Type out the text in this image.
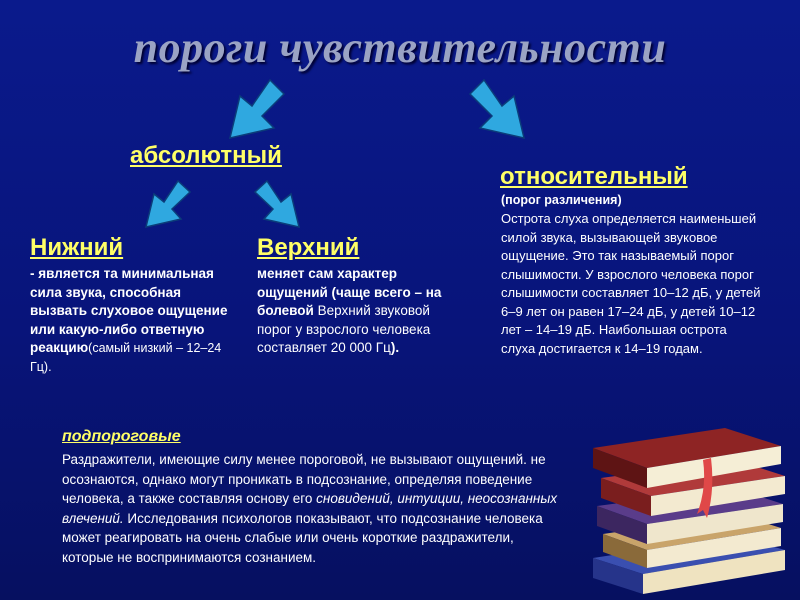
пороги чувствительности
абсолютный
относительный
(порог различения)
Острота слуха определяется наименьшей силой звука, вызывающей звуковое ощущение. Это так называемый порог слышимости. У взрослого человека порог слышимости составляет 10–12 дБ, у детей 6–9 лет он равен 17–24 дБ, у детей 10–12 лет – 14–19 дБ. Наибольшая острота слуха достигается к 14–19 годам.
Нижний
- является та минимальная сила звука, способная вызвать слуховое ощущение или какую-либо ответную реакцию(самый низкий – 12–24 Гц).
Верхний
меняет сам характер ощущений (чаще всего – на болевой Верхний звуковой порог у взрослого человека составляет 20 000 Гц).
подпороговые
Раздражители, имеющие силу менее пороговой, не вызывают ощущений. не осознаются, однако могут проникать в подсознание, определяя поведение человека, а также составляя основу его сновидений, интуиции, неосознанных влечений. Исследования психологов показывают, что подсознание человека может реагировать на очень слабые или очень короткие раздражители, которые не воспринимаются сознанием.
